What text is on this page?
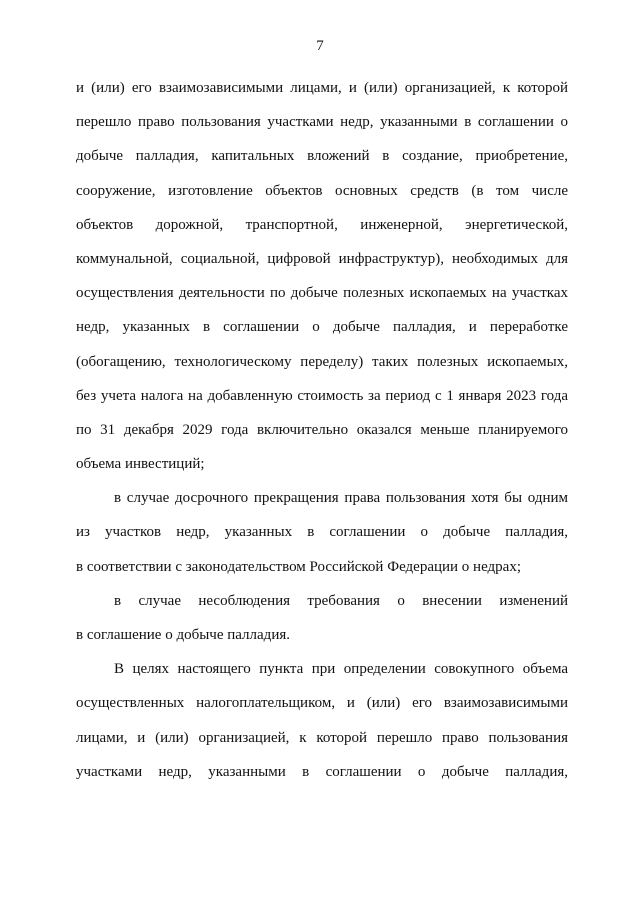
7
и (или) его взаимозависимыми лицами, и (или) организацией, к которой
перешло право пользования участками недр, указанными в соглашении о
добыче палладия, капитальных вложений в создание, приобретение,
сооружение, изготовление объектов основных средств (в том числе
объектов дорожной, транспортной, инженерной, энергетической,
коммунальной, социальной, цифровой инфраструктур), необходимых для
осуществления деятельности по добыче полезных ископаемых на участках
недр, указанных в соглашении о добыче палладия, и переработке
(обогащению, технологическому переделу) таких полезных ископаемых,
без учета налога на добавленную стоимость за период с 1 января 2023 года
по 31 декабря 2029 года включительно оказался меньше планируемого
объема инвестиций;
в случае досрочного прекращения права пользования хотя бы одним
из участков недр, указанных в соглашении о добыче палладия,
в соответствии с законодательством Российской Федерации о недрах;
в случае несоблюдения требования о внесении изменений
в соглашение о добыче палладия.
В целях настоящего пункта при определении совокупного объема
осуществленных налогоплательщиком, и (или) его взаимозависимыми
лицами, и (или) организацией, к которой перешло право пользования
участками недр, указанными в соглашении о добыче палладия,
